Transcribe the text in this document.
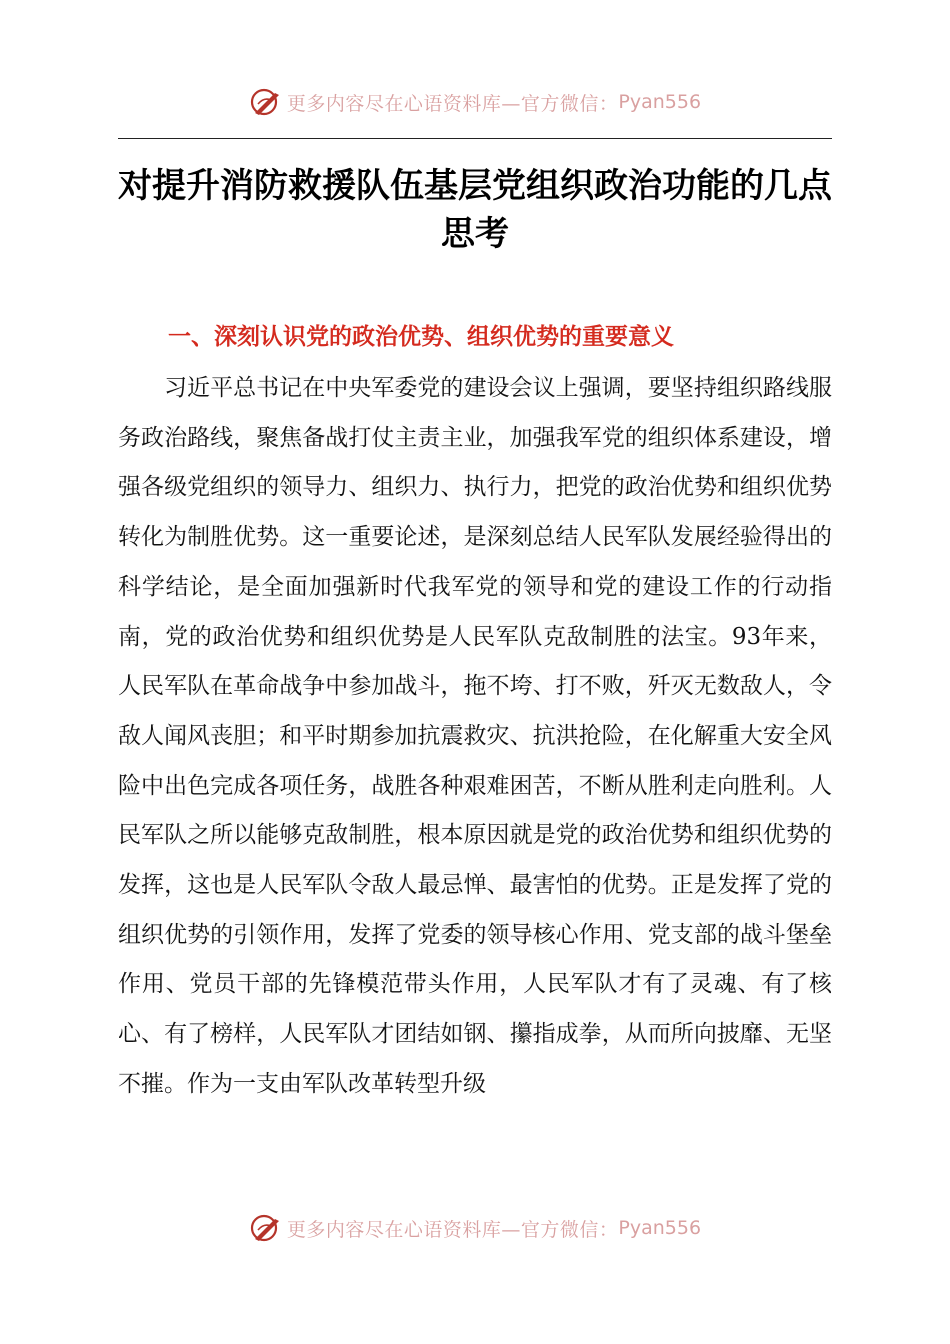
更多内容尽在心语资料库—官方微信： Pyan556
对提升消防救援队伍基层党组织政治功能的几点思考
一、深刻认识党的政治优势、组织优势的重要意义

习近平总书记在中央军委党的建设会议上强调，要坚持组织路线服务政治路线，聚焦备战打仗主责主业，加强我军党的组织体系建设，增强各级党组织的领导力、组织力、执行力，把党的政治优势和组织优势转化为制胜优势。这一重要论述，是深刻总结人民军队发展经验得出的科学结论，是全面加强新时代我军党的领导和党的建设工作的行动指南，党的政治优势和组织优势是人民军队克敌制胜的法宝。93年来，人民军队在革命战争中参加战斗，拖不垮、打不败，歼灭无数敌人，令敌人闻风丧胆；和平时期参加抗震救灾、抗洪抢险，在化解重大安全风险中出色完成各项任务，战胜各种艰难困苦，不断从胜利走向胜利。人民军队之所以能够克敌制胜，根本原因就是党的政治优势和组织优势的发挥，这也是人民军队令敌人最忌惮、最害怕的优势。正是发挥了党的组织优势的引领作用，发挥了党委的领导核心作用、党支部的战斗堡垒作用、党员干部的先锋模范带头作用，人民军队才有了灵魂、有了核心、有了榜样，人民军队才团结如钢、攥指成拳，从而所向披靡、无坚不摧。作为一支由军队改革转型升级

更多内容尽在心语资料库—官方微信： Pyan556
